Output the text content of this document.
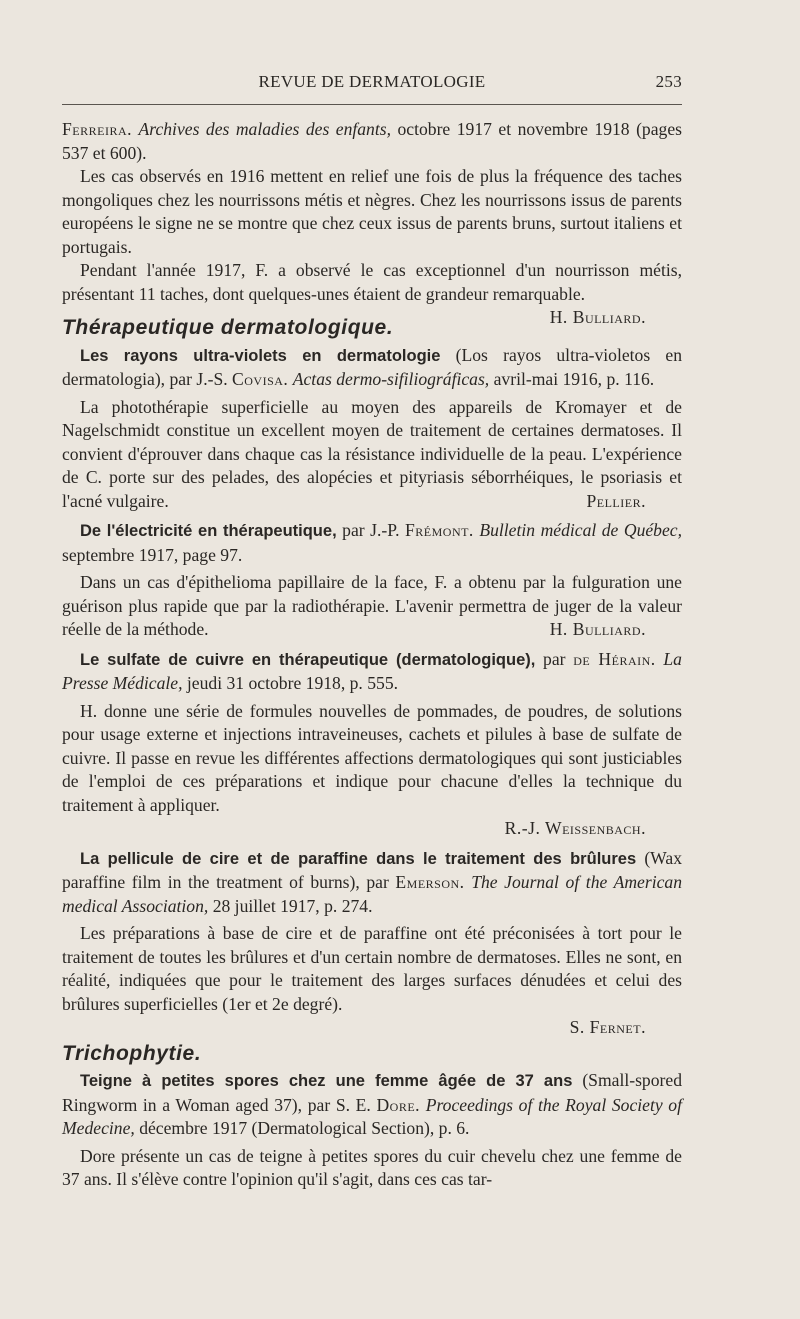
REVUE DE DERMATOLOGIE	253

Ferreira. Archives des maladies des enfants, octobre 1917 et novembre 1918 (pages 537 et 600).

Les cas observés en 1916 mettent en relief une fois de plus la fréquence des taches mongoliques chez les nourrissons métis et nègres. Chez les nourrissons issus de parents européens le signe ne se montre que chez ceux issus de parents bruns, surtout italiens et portugais.

Pendant l'année 1917, F. a observé le cas exceptionnel d'un nourrisson métis, présentant 11 taches, dont quelques-unes étaient de grandeur remarquable.
H. Bulliard.

Thérapeutique dermatologique.

Les rayons ultra-violets en dermatologie (Los rayos ultra-violetos en dermatologia), par J.-S. Covisa. Actas dermo-sifiliográficas, avril-mai 1916, p. 116.

La photothérapie superficielle au moyen des appareils de Kromayer et de Nagelschmidt constitue un excellent moyen de traitement de certaines dermatoses. Il convient d'éprouver dans chaque cas la résistance individuelle de la peau. L'expérience de C. porte sur des pelades, des alopécies et pityriasis séborrhéiques, le psoriasis et l'acné vulgaire.	Pellier.

De l'électricité en thérapeutique, par J.-P. Frémont. Bulletin médical de Québec, septembre 1917, page 97.

Dans un cas d'épithelioma papillaire de la face, F. a obtenu par la fulguration une guérison plus rapide que par la radiothérapie. L'avenir permettra de juger de la valeur réelle de la méthode.	H. Bulliard.

Le sulfate de cuivre en thérapeutique (dermatologique), par de Hérain. La Presse Médicale, jeudi 31 octobre 1918, p. 555.

H. donne une série de formules nouvelles de pommades, de poudres, de solutions pour usage externe et injections intraveineuses, cachets et pilules à base de sulfate de cuivre. Il passe en revue les différentes affections dermatologiques qui sont justiciables de l'emploi de ces préparations et indique pour chacune d'elles la technique du traitement à appliquer.

R.-J. Weissenbach.

La pellicule de cire et de paraffine dans le traitement des brûlures (Wax paraffine film in the treatment of burns), par Emerson. The Journal of the American medical Association, 28 juillet 1917, p. 274.

Les préparations à base de cire et de paraffine ont été préconisées à tort pour le traitement de toutes les brûlures et d'un certain nombre de dermatoses. Elles ne sont, en réalité, indiquées que pour le traitement des larges surfaces dénudées et celui des brûlures superficielles (1er et 2e degré).

S. Fernet.

Trichophytie.

Teigne à petites spores chez une femme âgée de 37 ans (Small-spored Ringworm in a Woman aged 37), par S. E. Dore. Proceedings of the Royal Society of Medecine, décembre 1917 (Dermatological Section), p. 6.

Dore présente un cas de teigne à petites spores du cuir chevelu chez une femme de 37 ans. Il s'élève contre l'opinion qu'il s'agit, dans ces cas tar-
